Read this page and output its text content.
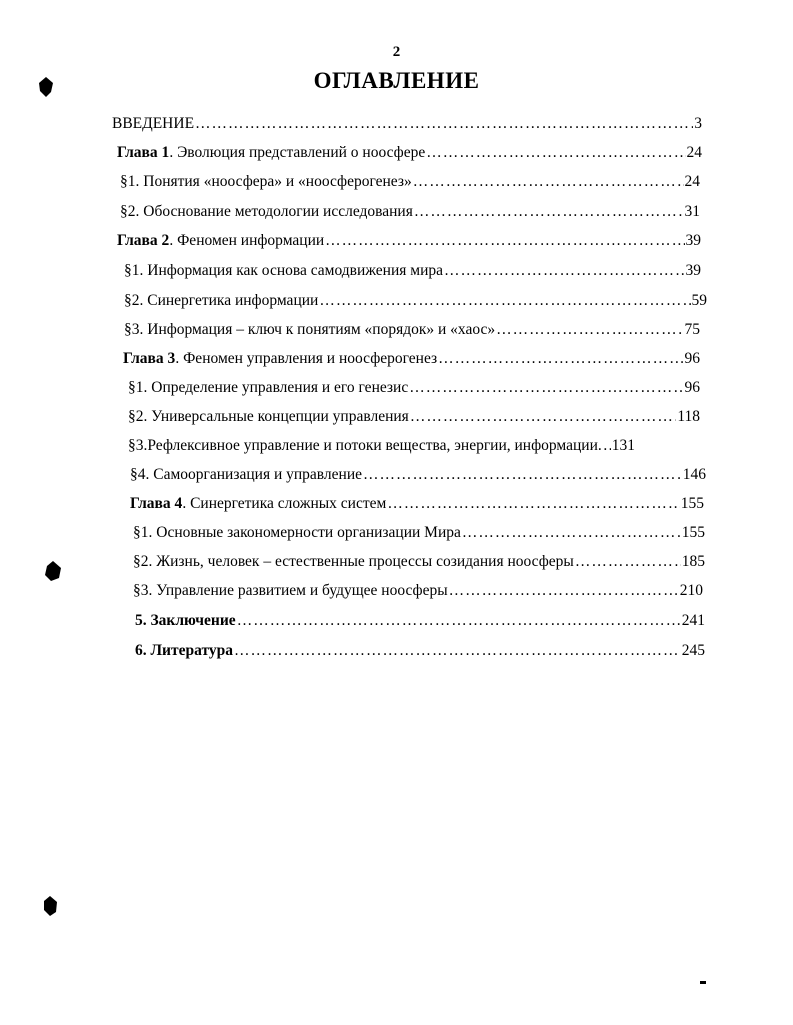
2
ОГЛАВЛЕНИЕ
ВВЕДЕНИЕ ……………………………………………………………………………………………………………………………………………………………………………………	3
Глава 1. Эволюция представлений о ноосфере ……………………………………………………………………………………………………………………………………………………………………………………	24
§1. Понятия «ноосфера» и «ноосферогенез» ……………………………………………………………………………………………………………………………………………………………………………………	24
§2. Обоснование методологии исследования ……………………………………………………………………………………………………………………………………………………………………………………	31
Глава 2. Феномен информации ……………………………………………………………………………………………………………………………………………………………………………………	39
§1. Информация как основа самодвижения мира ……………………………………………………………………………………………………………………………………………………………………………………	39
§2. Синергетика информации ……………………………………………………………………………………………………………………………………………………………………………………	59
§3. Информация – ключ к понятиям «порядок» и «хаос» ……………………………………………………………………………………………………………………………………………………………………………………	75
Глава 3. Феномен управления и ноосферогенез ……………………………………………………………………………………………………………………………………………………………………………………	96
§1. Определение управления и его генезис ……………………………………………………………………………………………………………………………………………………………………………………	96
§2. Универсальные концепции управления ……………………………………………………………………………………………………………………………………………………………………………………	118
§3.Рефлексивное управление и потоки вещества, энергии, информации. …………………………………………………………………………………………………………………………………………………………………………………… 131
§4. Самоорганизация и управление ……………………………………………………………………………………………………………………………………………………………………………………	146
Глава 4. Синергетика сложных систем ……………………………………………………………………………………………………………………………………………………………………………………	155
§1. Основные закономерности организации Мира ……………………………………………………………………………………………………………………………………………………………………………………	155
§2. Жизнь, человек – естественные процессы созидания ноосферы ……………………………………………………………………………………………………………………………………………………………………………………	185
§3. Управление развитием и будущее ноосферы ……………………………………………………………………………………………………………………………………………………………………………………	210
5. Заключение ……………………………………………………………………………………………………………………………………………………………………………………	241
6. Литература ……………………………………………………………………………………………………………………………………………………………………………………	245
